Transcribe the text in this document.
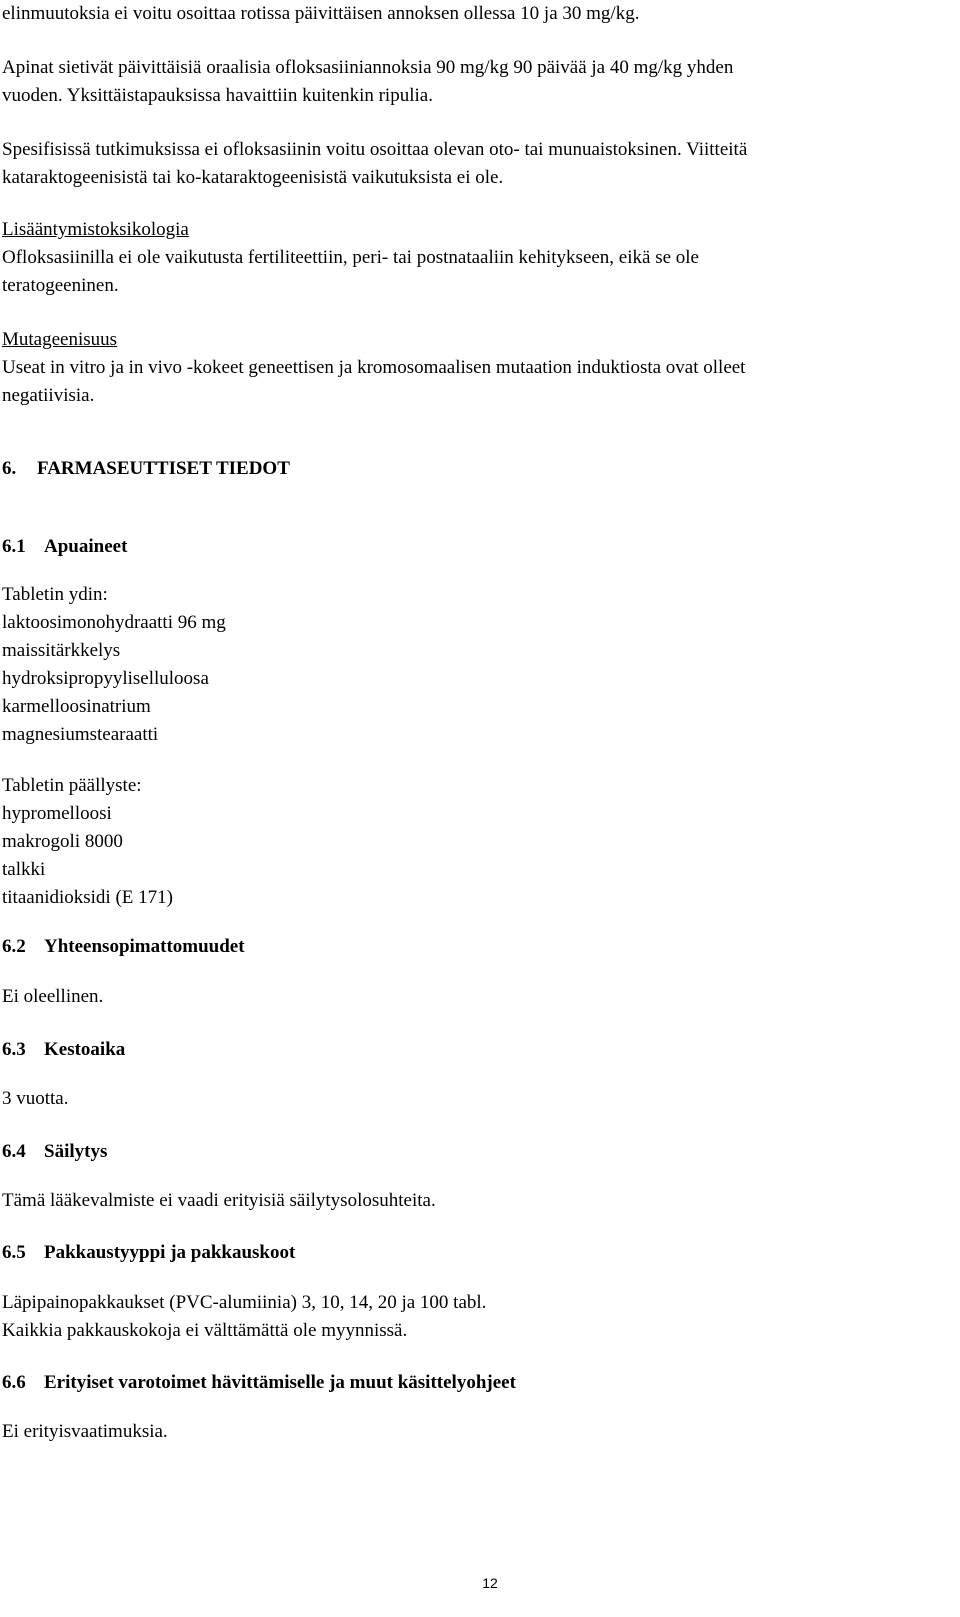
elinmuutoksia ei voitu osoittaa rotissa päivittäisen annoksen ollessa 10 ja 30 mg/kg.
Apinat sietivät päivittäisiä oraalisia ofloksasiiniannoksia 90 mg/kg 90 päivää ja 40 mg/kg yhden
vuoden. Yksittäistapauksissa havaittiin kuitenkin ripulia.
Spesifisissä tutkimuksissa ei ofloksasiinin voitu osoittaa olevan oto- tai munuaistoksinen. Viitteitä
kataraktogeenisistä tai ko-kataraktogeenisistä vaikutuksista ei ole.
Lisääntymistoksikologia
Ofloksasiinilla ei ole vaikutusta fertiliteettiin, peri- tai postnataaliin kehitykseen, eikä se ole
teratogeeninen.
Mutageenisuus
Useat in vitro ja in vivo -kokeet geneettisen ja kromosomaalisen mutaation induktiosta ovat olleet
negatiivisia.
6. FARMASEUTTISET TIEDOT
6.1 Apuaineet
Tabletin ydin:
laktoosimonohydraatti 96 mg
maissitärkkelys
hydroksipropyyliselluloosa
karmelloosinatrium
magnesiumstearaatti
Tabletin päällyste:
hypromelloosi
makrogoli 8000
talkki
titaanidioksidi (E 171)
6.2 Yhteensopimattomuudet
Ei oleellinen.
6.3 Kestoaika
3 vuotta.
6.4 Säilytys
Tämä lääkevalmiste ei vaadi erityisiä säilytysolosuhteita.
6.5 Pakkaustyyppi ja pakkauskoot
Läpipainopakkaukset (PVC-alumiinia) 3, 10, 14, 20 ja 100 tabl.
Kaikkia pakkauskokoja ei välttämättä ole myynnissä.
6.6 Erityiset varotoimet hävittämiselle ja muut käsittelyohjeet
Ei erityisvaatimuksia.
12
